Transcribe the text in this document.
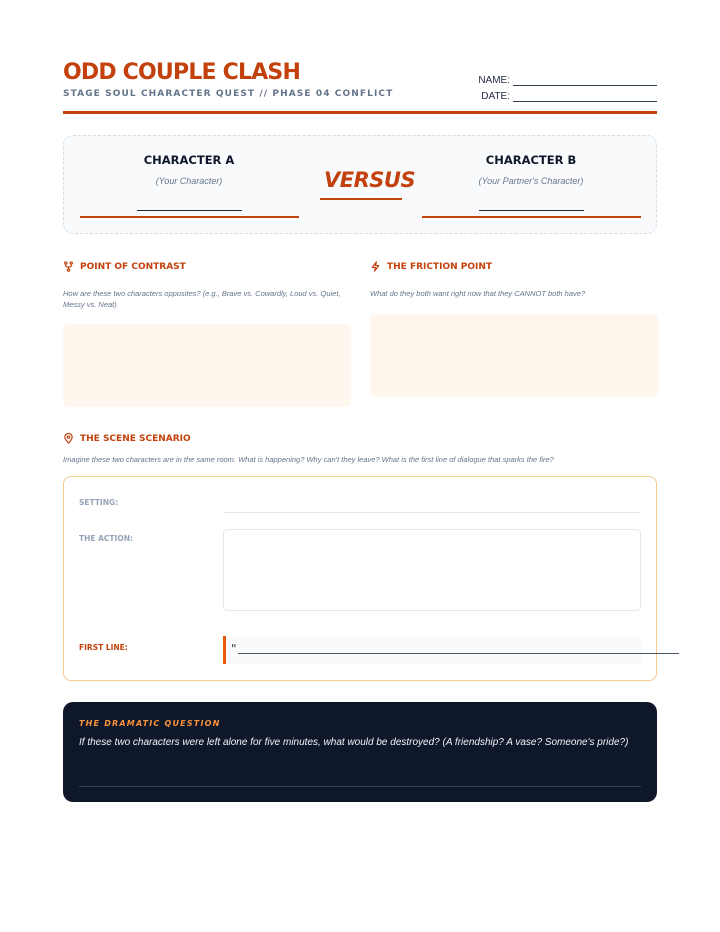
ODD COUPLE CLASH
STAGE SOUL CHARACTER QUEST // PHASE 04 CONFLICT
NAME:
DATE:
CHARACTER A
(Your Character)	VERSUS
CHARACTER B
(Your Partner's Character)
POINT OF CONTRAST
How are these two characters opposites? (e.g., Brave vs. Cowardly, Loud vs. Quiet, Messy vs. Neat)
THE FRICTION POINT
What do they both want right now that they CANNOT both have?
THE SCENE SCENARIO
Imagine these two characters are in the same room. What is happening? Why can't they leave? What is the first line of dialogue that sparks the fire?
SETTING:
THE ACTION:
FIRST LINE:	"
THE DRAMATIC QUESTION
If these two characters were left alone for five minutes, what would be destroyed? (A friendship? A vase? Someone's pride?)
